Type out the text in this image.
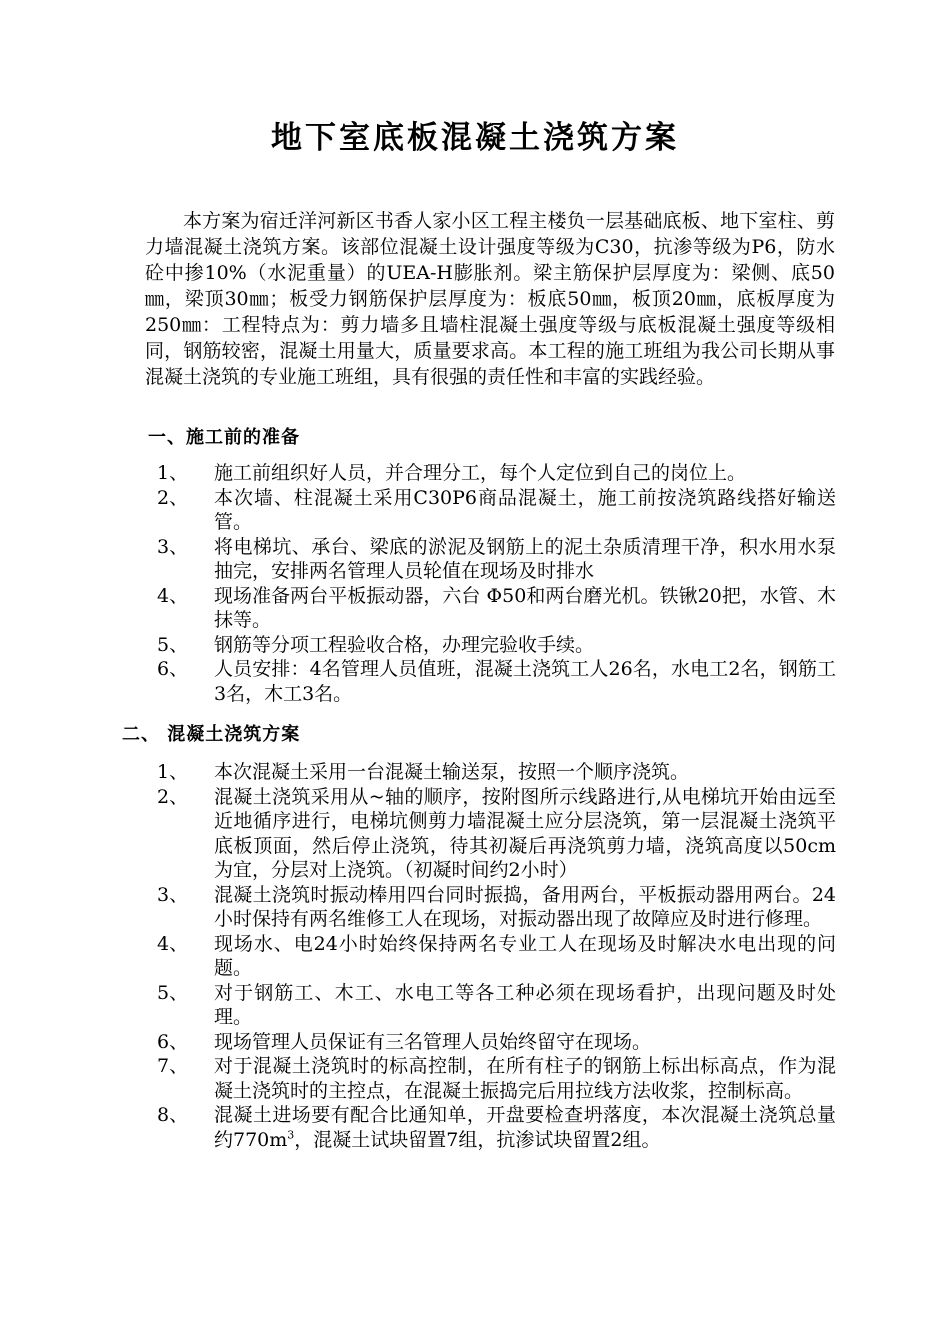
地下室底板混凝土浇筑方案

本方案为宿迁洋河新区书香人家小区工程主楼负一层基础底板、地下室柱、剪力墙混凝土浇筑方案。该部位混凝土设计强度等级为C30，抗渗等级为P6，防水砼中掺10%（水泥重量）的UEA-H膨胀剂。梁主筋保护层厚度为：梁侧、底50㎜，梁顶30㎜；板受力钢筋保护层厚度为：板底50㎜，板顶20㎜，底板厚度为250㎜：工程特点为：剪力墙多且墙柱混凝土强度等级与底板混凝土强度等级相同，钢筋较密，混凝土用量大，质量要求高。本工程的施工班组为我公司长期从事混凝土浇筑的专业施工班组，具有很强的责任性和丰富的实践经验。

一、施工前的准备
1、	施工前组织好人员，并合理分工，每个人定位到自己的岗位上。
2、	本次墙、柱混凝土采用C30P6商品混凝土，施工前按浇筑路线搭好输送管。
3、	将电梯坑、承台、梁底的淤泥及钢筋上的泥土杂质清理干净，积水用水泵抽完，安排两名管理人员轮值在现场及时排水
4、	现场准备两台平板振动器，六台 Φ50和两台磨光机。铁锹20把，水管、木抹等。
5、	钢筋等分项工程验收合格，办理完验收手续。
6、	人员安排：4名管理人员值班，混凝土浇筑工人26名，水电工2名，钢筋工3名，木工3名。
二、 混凝土浇筑方案
1、	本次混凝土采用一台混凝土输送泵，按照一个顺序浇筑。
2、	混凝土浇筑采用从~轴的顺序，按附图所示线路进行,从电梯坑开始由远至近地循序进行，电梯坑侧剪力墙混凝土应分层浇筑，第一层混凝土浇筑平底板顶面，然后停止浇筑，待其初凝后再浇筑剪力墙，浇筑高度以50cm为宜，分层对上浇筑。（初凝时间约2小时）
3、	混凝土浇筑时振动棒用四台同时振捣，备用两台，平板振动器用两台。24小时保持有两名维修工人在现场，对振动器出现了故障应及时进行修理。
4、	现场水、电24小时始终保持两名专业工人在现场及时解决水电出现的问题。
5、	对于钢筋工、木工、水电工等各工种必须在现场看护，出现问题及时处理。
6、	现场管理人员保证有三名管理人员始终留守在现场。
7、	对于混凝土浇筑时的标高控制，在所有柱子的钢筋上标出标高点，作为混凝土浇筑时的主控点，在混凝土振捣完后用拉线方法收浆，控制标高。
8、	混凝土进场要有配合比通知单，开盘要检查坍落度，本次混凝土浇筑总量约$770m^3$，混凝土试块留置7组，抗渗试块留置2组。
